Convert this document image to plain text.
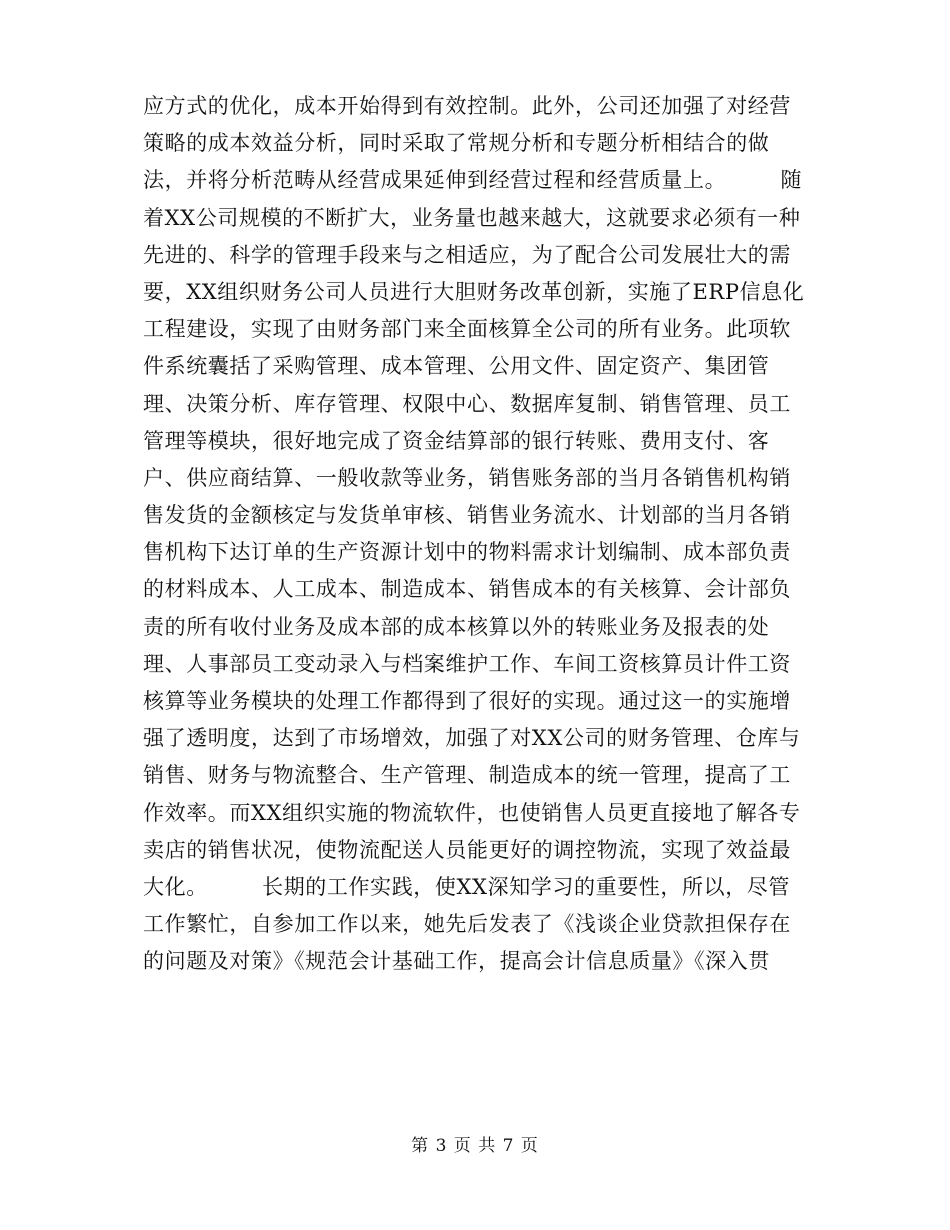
应方式的优化，成本开始得到有效控制。此外，公司还加强了对经营
策略的成本效益分析，同时采取了常规分析和专题分析相结合的做
法，并将分析范畴从经营成果延伸到经营过程和经营质量上。　　　随
着XX公司规模的不断扩大，业务量也越来越大，这就要求必须有一种
先进的、科学的管理手段来与之相适应，为了配合公司发展壮大的需
要，XX组织财务公司人员进行大胆财务改革创新，实施了ERP信息化
工程建设，实现了由财务部门来全面核算全公司的所有业务。此项软
件系统囊括了采购管理、成本管理、公用文件、固定资产、集团管
理、决策分析、库存管理、权限中心、数据库复制、销售管理、员工
管理等模块，很好地完成了资金结算部的银行转账、费用支付、客
户、供应商结算、一般收款等业务，销售账务部的当月各销售机构销
售发货的金额核定与发货单审核、销售业务流水、计划部的当月各销
售机构下达订单的生产资源计划中的物料需求计划编制、成本部负责
的材料成本、人工成本、制造成本、销售成本的有关核算、会计部负
责的所有收付业务及成本部的成本核算以外的转账业务及报表的处
理、人事部员工变动录入与档案维护工作、车间工资核算员计件工资
核算等业务模块的处理工作都得到了很好的实现。通过这一的实施增
强了透明度，达到了市场增效，加强了对XX公司的财务管理、仓库与
销售、财务与物流整合、生产管理、制造成本的统一管理，提高了工
作效率。而XX组织实施的物流软件，也使销售人员更直接地了解各专
卖店的销售状况，使物流配送人员能更好的调控物流，实现了效益最
大化。　　　长期的工作实践，使XX深知学习的重要性，所以，尽管
工作繁忙，自参加工作以来，她先后发表了《浅谈企业贷款担保存在
的问题及对策》《规范会计基础工作，提高会计信息质量》《深入贯
第 3 页 共 7 页
